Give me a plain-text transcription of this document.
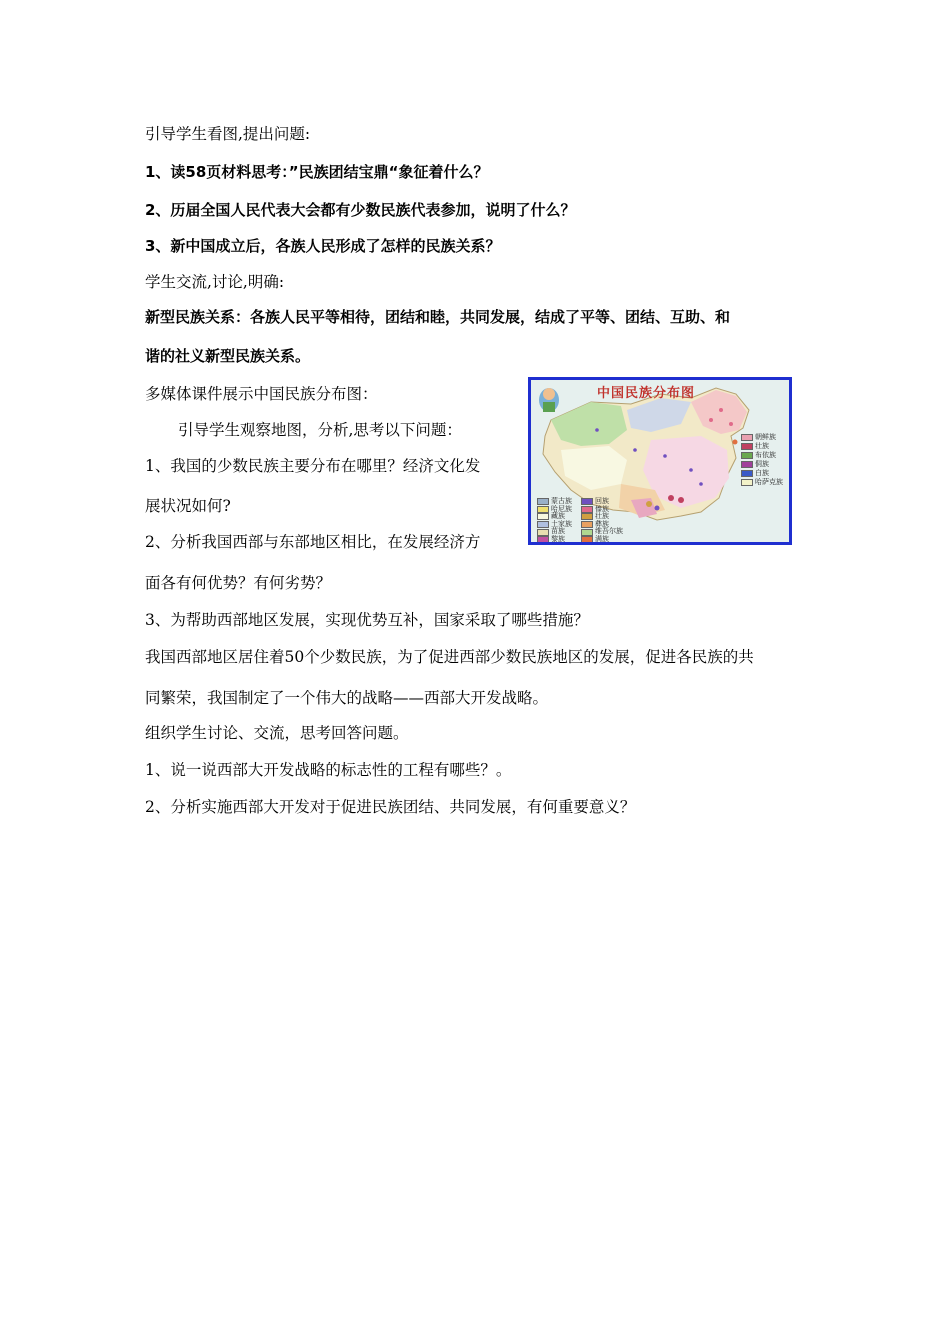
引导学生看图,提出问题:
1、读58页材料思考：”民族团结宝鼎“象征着什么？
2、历届全国人民代表大会都有少数民族代表参加，说明了什么？
3、新中国成立后，各族人民形成了怎样的民族关系？
学生交流,讨论,明确:
新型民族关系：各族人民平等相待，团结和睦，共同发展，结成了平等、团结、互助、和
谐的社义新型民族关系。
多媒体课件展示中国民族分布图：
引导学生观察地图，分析,思考以下问题：
1、我国的少数民族主要分布在哪里？经济文化发
展状况如何?
2、分析我国西部与东部地区相比，在发展经济方
面各有何优势？有何劣势？
3、为帮助西部地区发展，实现优势互补，国家采取了哪些措施？
我国西部地区居住着50个少数民族，为了促进西部少数民族地区的发展，促进各民族的共
同繁荣，我国制定了一个伟大的战略——西部大开发战略。
组织学生讨论、交流，思考回答问题。
1、说一说西部大开发战略的标志性的工程有哪些？。
2、分析实施西部大开发对于促进民族团结、共同发展，有何重要意义？
中国民族分布图
朝鲜族
壮族
布依族
侗族
白族
哈萨克族
蒙古族	回族
哈尼族	傣族
藏族	壮族
土家族	彝族
苗族	维吾尔族
黎族	满族
